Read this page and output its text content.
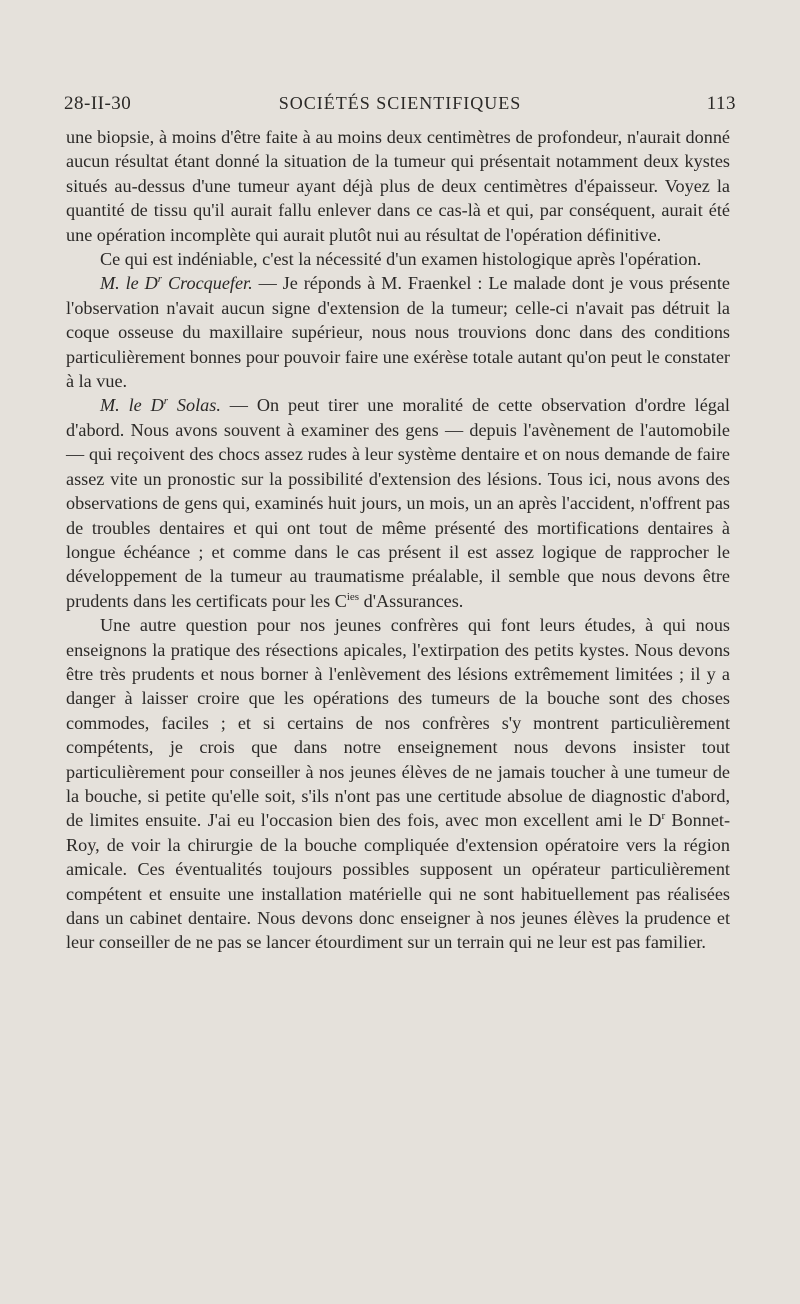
28-II-30	SOCIÉTÉS SCIENTIFIQUES	113

une biopsie, à moins d'être faite à au moins deux centimètres de profondeur, n'aurait donné aucun résultat étant donné la situation de la tumeur qui présentait notamment deux kystes situés au-dessus d'une tumeur ayant déjà plus de deux centimètres d'épaisseur. Voyez la quantité de tissu qu'il aurait fallu enlever dans ce cas-là et qui, par conséquent, aurait été une opération incomplète qui aurait plutôt nui au résultat de l'opération définitive.

Ce qui est indéniable, c'est la nécessité d'un examen histologique après l'opération.

M. le $D^r$ Crocquefer. — Je réponds à M. Fraenkel : Le malade dont je vous présente l'observation n'avait aucun signe d'extension de la tumeur; celle-ci n'avait pas détruit la coque osseuse du maxillaire supérieur, nous nous trouvions donc dans des conditions particulièrement bonnes pour pouvoir faire une exérèse totale autant qu'on peut le constater à la vue.

M. le $D^r$ Solas. — On peut tirer une moralité de cette observation d'ordre légal d'abord. Nous avons souvent à examiner des gens — depuis l'avènement de l'automobile — qui reçoivent des chocs assez rudes à leur système dentaire et on nous demande de faire assez vite un pronostic sur la possibilité d'extension des lésions. Tous ici, nous avons des observations de gens qui, examinés huit jours, un mois, un an après l'accident, n'offrent pas de troubles dentaires et qui ont tout de même présenté des mortifications dentaires à longue échéance ; et comme dans le cas présent il est assez logique de rapprocher le développement de la tumeur au traumatisme préalable, il semble que nous devons être prudents dans les certificats pour les $C^{ies}$ d'Assurances.

Une autre question pour nos jeunes confrères qui font leurs études, à qui nous enseignons la pratique des résections apicales, l'extirpation des petits kystes. Nous devons être très prudents et nous borner à l'enlèvement des lésions extrêmement limitées ; il y a danger à laisser croire que les opérations des tumeurs de la bouche sont des choses commodes, faciles ; et si certains de nos confrères s'y montrent particulièrement compétents, je crois que dans notre enseignement nous devons insister tout particulièrement pour conseiller à nos jeunes élèves de ne jamais toucher à une tumeur de la bouche, si petite qu'elle soit, s'ils n'ont pas une certitude absolue de diagnostic d'abord, de limites ensuite. J'ai eu l'occasion bien des fois, avec mon excellent ami le $D^r$ Bonnet-Roy, de voir la chirurgie de la bouche compliquée d'extension opératoire vers la région amicale. Ces éventualités toujours possibles supposent un opérateur particulièrement compétent et ensuite une installation matérielle qui ne sont habituellement pas réalisées dans un cabinet dentaire. Nous devons donc enseigner à nos jeunes élèves la prudence et leur conseiller de ne pas se lancer étourdiment sur un terrain qui ne leur est pas familier.
